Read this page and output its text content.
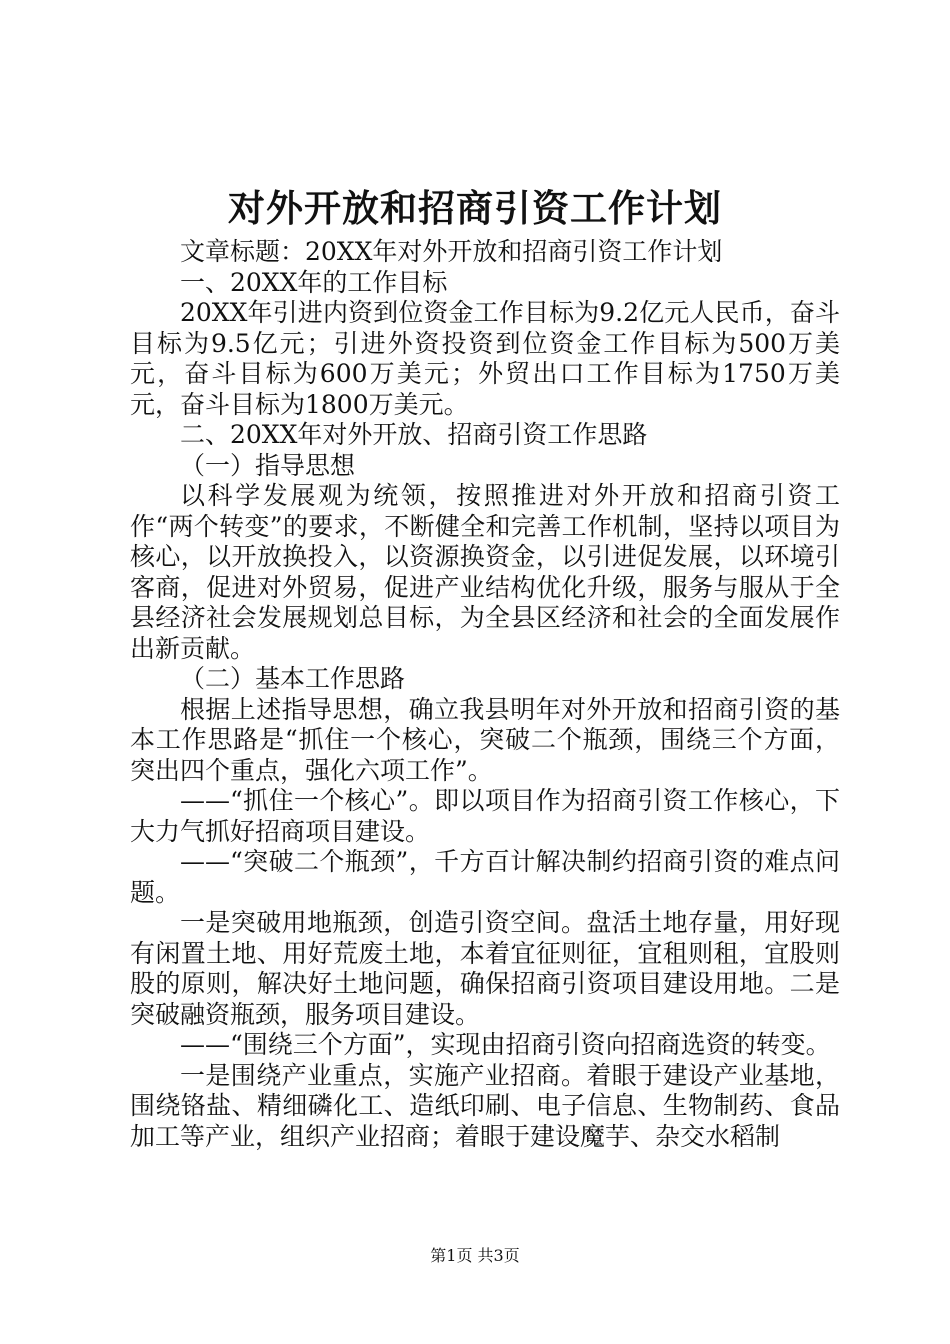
对外开放和招商引资工作计划

文章标题：20XX年对外开放和招商引资工作计划

一、20XX年的工作目标

20XX年引进内资到位资金工作目标为9.2亿元人民币，奋斗目标为9.5亿元；引进外资投资到位资金工作目标为500万美元，奋斗目标为600万美元；外贸出口工作目标为1750万美元，奋斗目标为1800万美元。

二、20XX年对外开放、招商引资工作思路

（一）指导思想

以科学发展观为统领，按照推进对外开放和招商引资工作“两个转变”的要求，不断健全和完善工作机制，坚持以项目为核心，以开放换投入，以资源换资金，以引进促发展，以环境引客商，促进对外贸易，促进产业结构优化升级，服务与服从于全县经济社会发展规划总目标，为全县区经济和社会的全面发展作出新贡献。

（二）基本工作思路

根据上述指导思想，确立我县明年对外开放和招商引资的基本工作思路是“抓住一个核心，突破二个瓶颈，围绕三个方面，突出四个重点，强化六项工作”。

——“抓住一个核心”。即以项目作为招商引资工作核心，下大力气抓好招商项目建设。

——“突破二个瓶颈”，千方百计解决制约招商引资的难点问题。

一是突破用地瓶颈，创造引资空间。盘活土地存量，用好现有闲置土地、用好荒废土地，本着宜征则征，宜租则租，宜股则股的原则，解决好土地问题，确保招商引资项目建设用地。二是突破融资瓶颈，服务项目建设。

——“围绕三个方面”，实现由招商引资向招商选资的转变。

一是围绕产业重点，实施产业招商。着眼于建设产业基地，围绕铬盐、精细磷化工、造纸印刷、电子信息、生物制药、食品加工等产业，组织产业招商；着眼于建设魔芋、杂交水稻制

第1页 共3页
